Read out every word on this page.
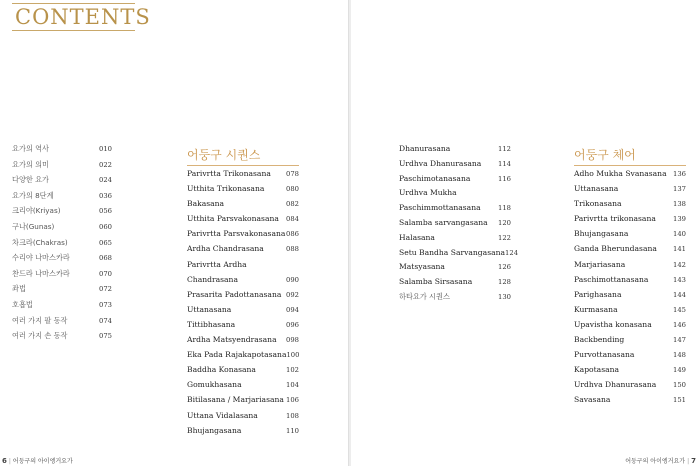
CONTENTS
요가의 역사	010
요가의 의미	022
다양한 요가	024
요가의 8단계	036
크리야(Kriyas)	056
구나(Gunas)	060
차크라(Chakras)	065
수리야 나마스카라	068
찬드라 나마스카라	070
좌법	072
호흡법	073
여러 가지 팔 동작	074
여러 가지 손 동작	075
어둥구 시퀀스
Parivrtta Trikonasana 078
Utthita Trikonasana	080
Bakasana	082
Utthita Parsvakonasana 084
Parivrtta Parsvakonasana 086
Ardha Chandrasana	088
Parivrtta Ardha
Chandrasana	090
Prasarita Padottanasana 092
Uttanasana	094
Tittibhasana	096
Ardha Matsyendrasana 098
Eka Pada Rajakapotasana 100
Baddha Konasana	102
Gomukhasana	104
Bitilasana / Marjariasana 106
Uttana Vidalasana	108
Bhujangasana	110
6 | 어둥구의 아이엥거요가
Dhanurasana	112
Urdhva Dhanurasana 114
Paschimotanasana	116
Urdhva Mukha
Paschimmottanasana	118
Salamba sarvangasana 120
Halasana	122
Setu Bandha Sarvangasana 124
Matsyasana	126
Salamba Sirsasana	128
하타요가 시퀀스	130
어둥구 체어
Adho Mukha Svanasana 136
Uttanasana	137
Trikonasana	138
Parivrtta trikonasana	139
Bhujangasana	140
Ganda Bherundasana 141
Marjariasana	142
Paschimottanasana	143
Parighasana	144
Kurmasana	145
Upavistha konasana	146
Backbending	147
Purvottanasana	148
Kapotasana	149
Urdhva Dhanurasana 150
Savasana	151
어둥구의 아이엥거요가 | 7
